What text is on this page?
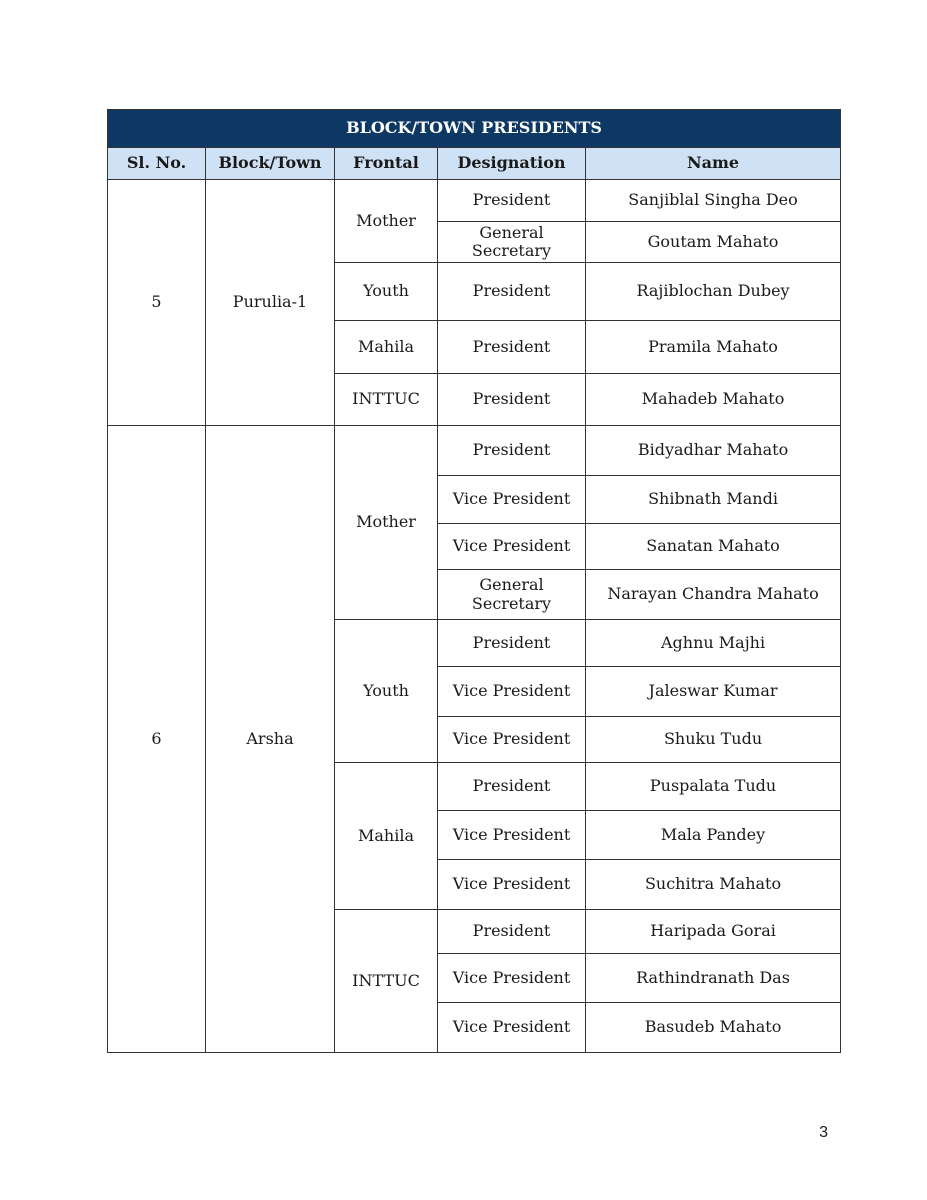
BLOCK/TOWN PRESIDENTS				
Sl. No.	Block/Town	Frontal	Designation	Name
5	Purulia-1	Mother	President	Sanjiblal Singha Deo
			General Secretary	Goutam Mahato
		Youth	President	Rajiblochan Dubey
		Mahila	President	Pramila Mahato
		INTTUC	President	Mahadeb Mahato
6	Arsha	Mother	President	Bidyadhar Mahato
			Vice President	Shibnath Mandi
			Vice President	Sanatan Mahato
			General Secretary	Narayan Chandra Mahato
		Youth	President	Aghnu Majhi
			Vice President	Jaleswar Kumar
			Vice President	Shuku Tudu
		Mahila	President	Puspalata Tudu
			Vice President	Mala Pandey
			Vice President	Suchitra Mahato
		INTTUC	President	Haripada Gorai
			Vice President	Rathindranath Das
			Vice President	Basudeb Mahato
3
